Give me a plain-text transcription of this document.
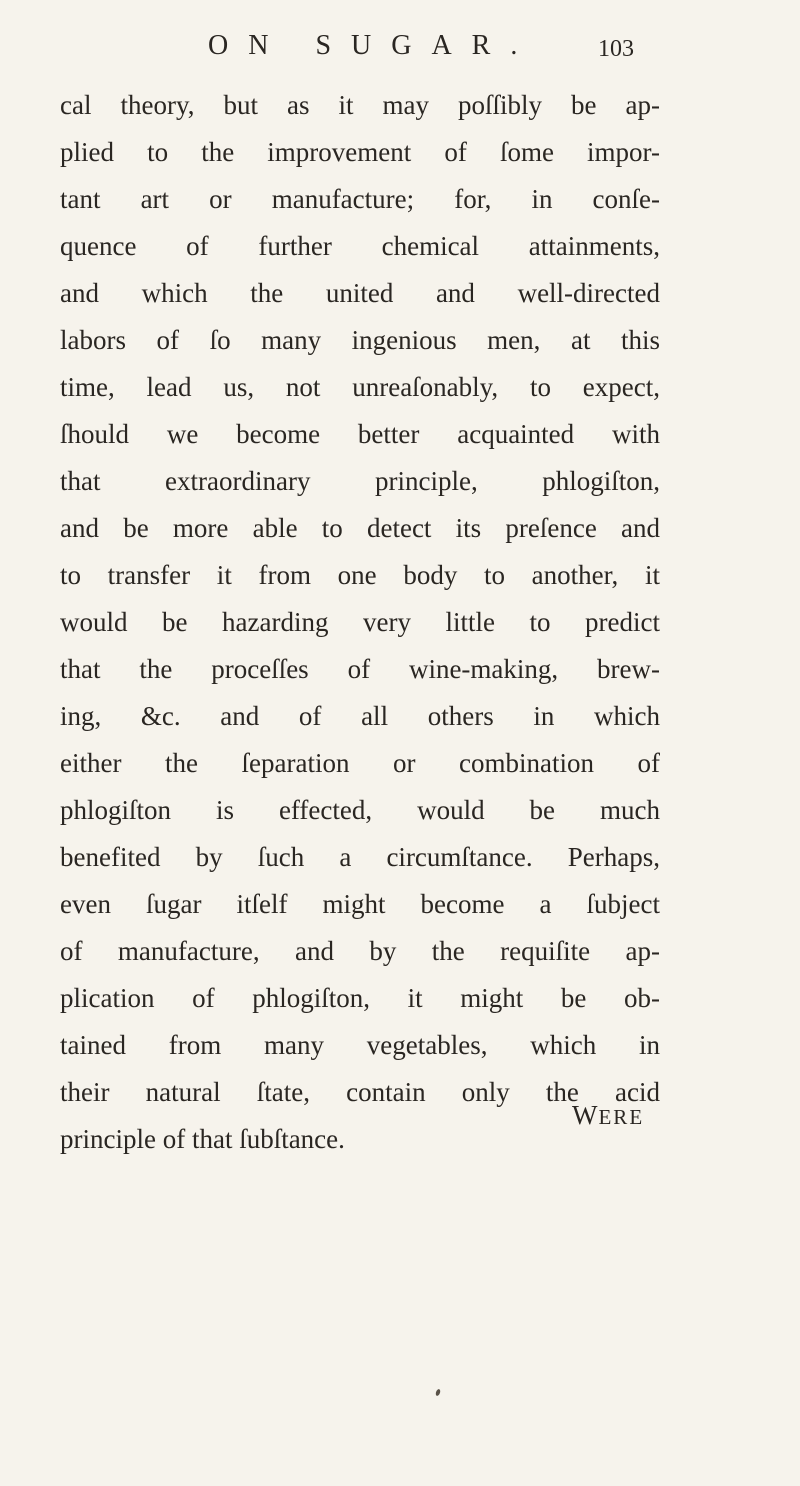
ON SUGAR.	103
cal theory, but as it may poſſibly be ap-
plied to the improvement of ſome impor-
tant art or manufacture; for, in conſe-
quence of further chemical attainments,
and which the united and well-directed
labors of ſo many ingenious men, at this
time, lead us, not unreaſonably, to expect,
ſhould we become better acquainted with
that extraordinary principle, phlogiſton,
and be more able to detect its preſence and
to transfer it from one body to another, it
would be hazarding very little to predict
that the proceſſes of wine-making, brew-
ing, &c. and of all others in which
either the ſeparation or combination of
phlogiſton is effected, would be much
benefited by ſuch a circumſtance. Perhaps,
even ſugar itſelf might become a ſubject
of manufacture, and by the requiſite ap-
plication of phlogiſton, it might be ob-
tained from many vegetables, which in
their natural ſtate, contain only the acid
principle of that ſubſtance.
WERE
